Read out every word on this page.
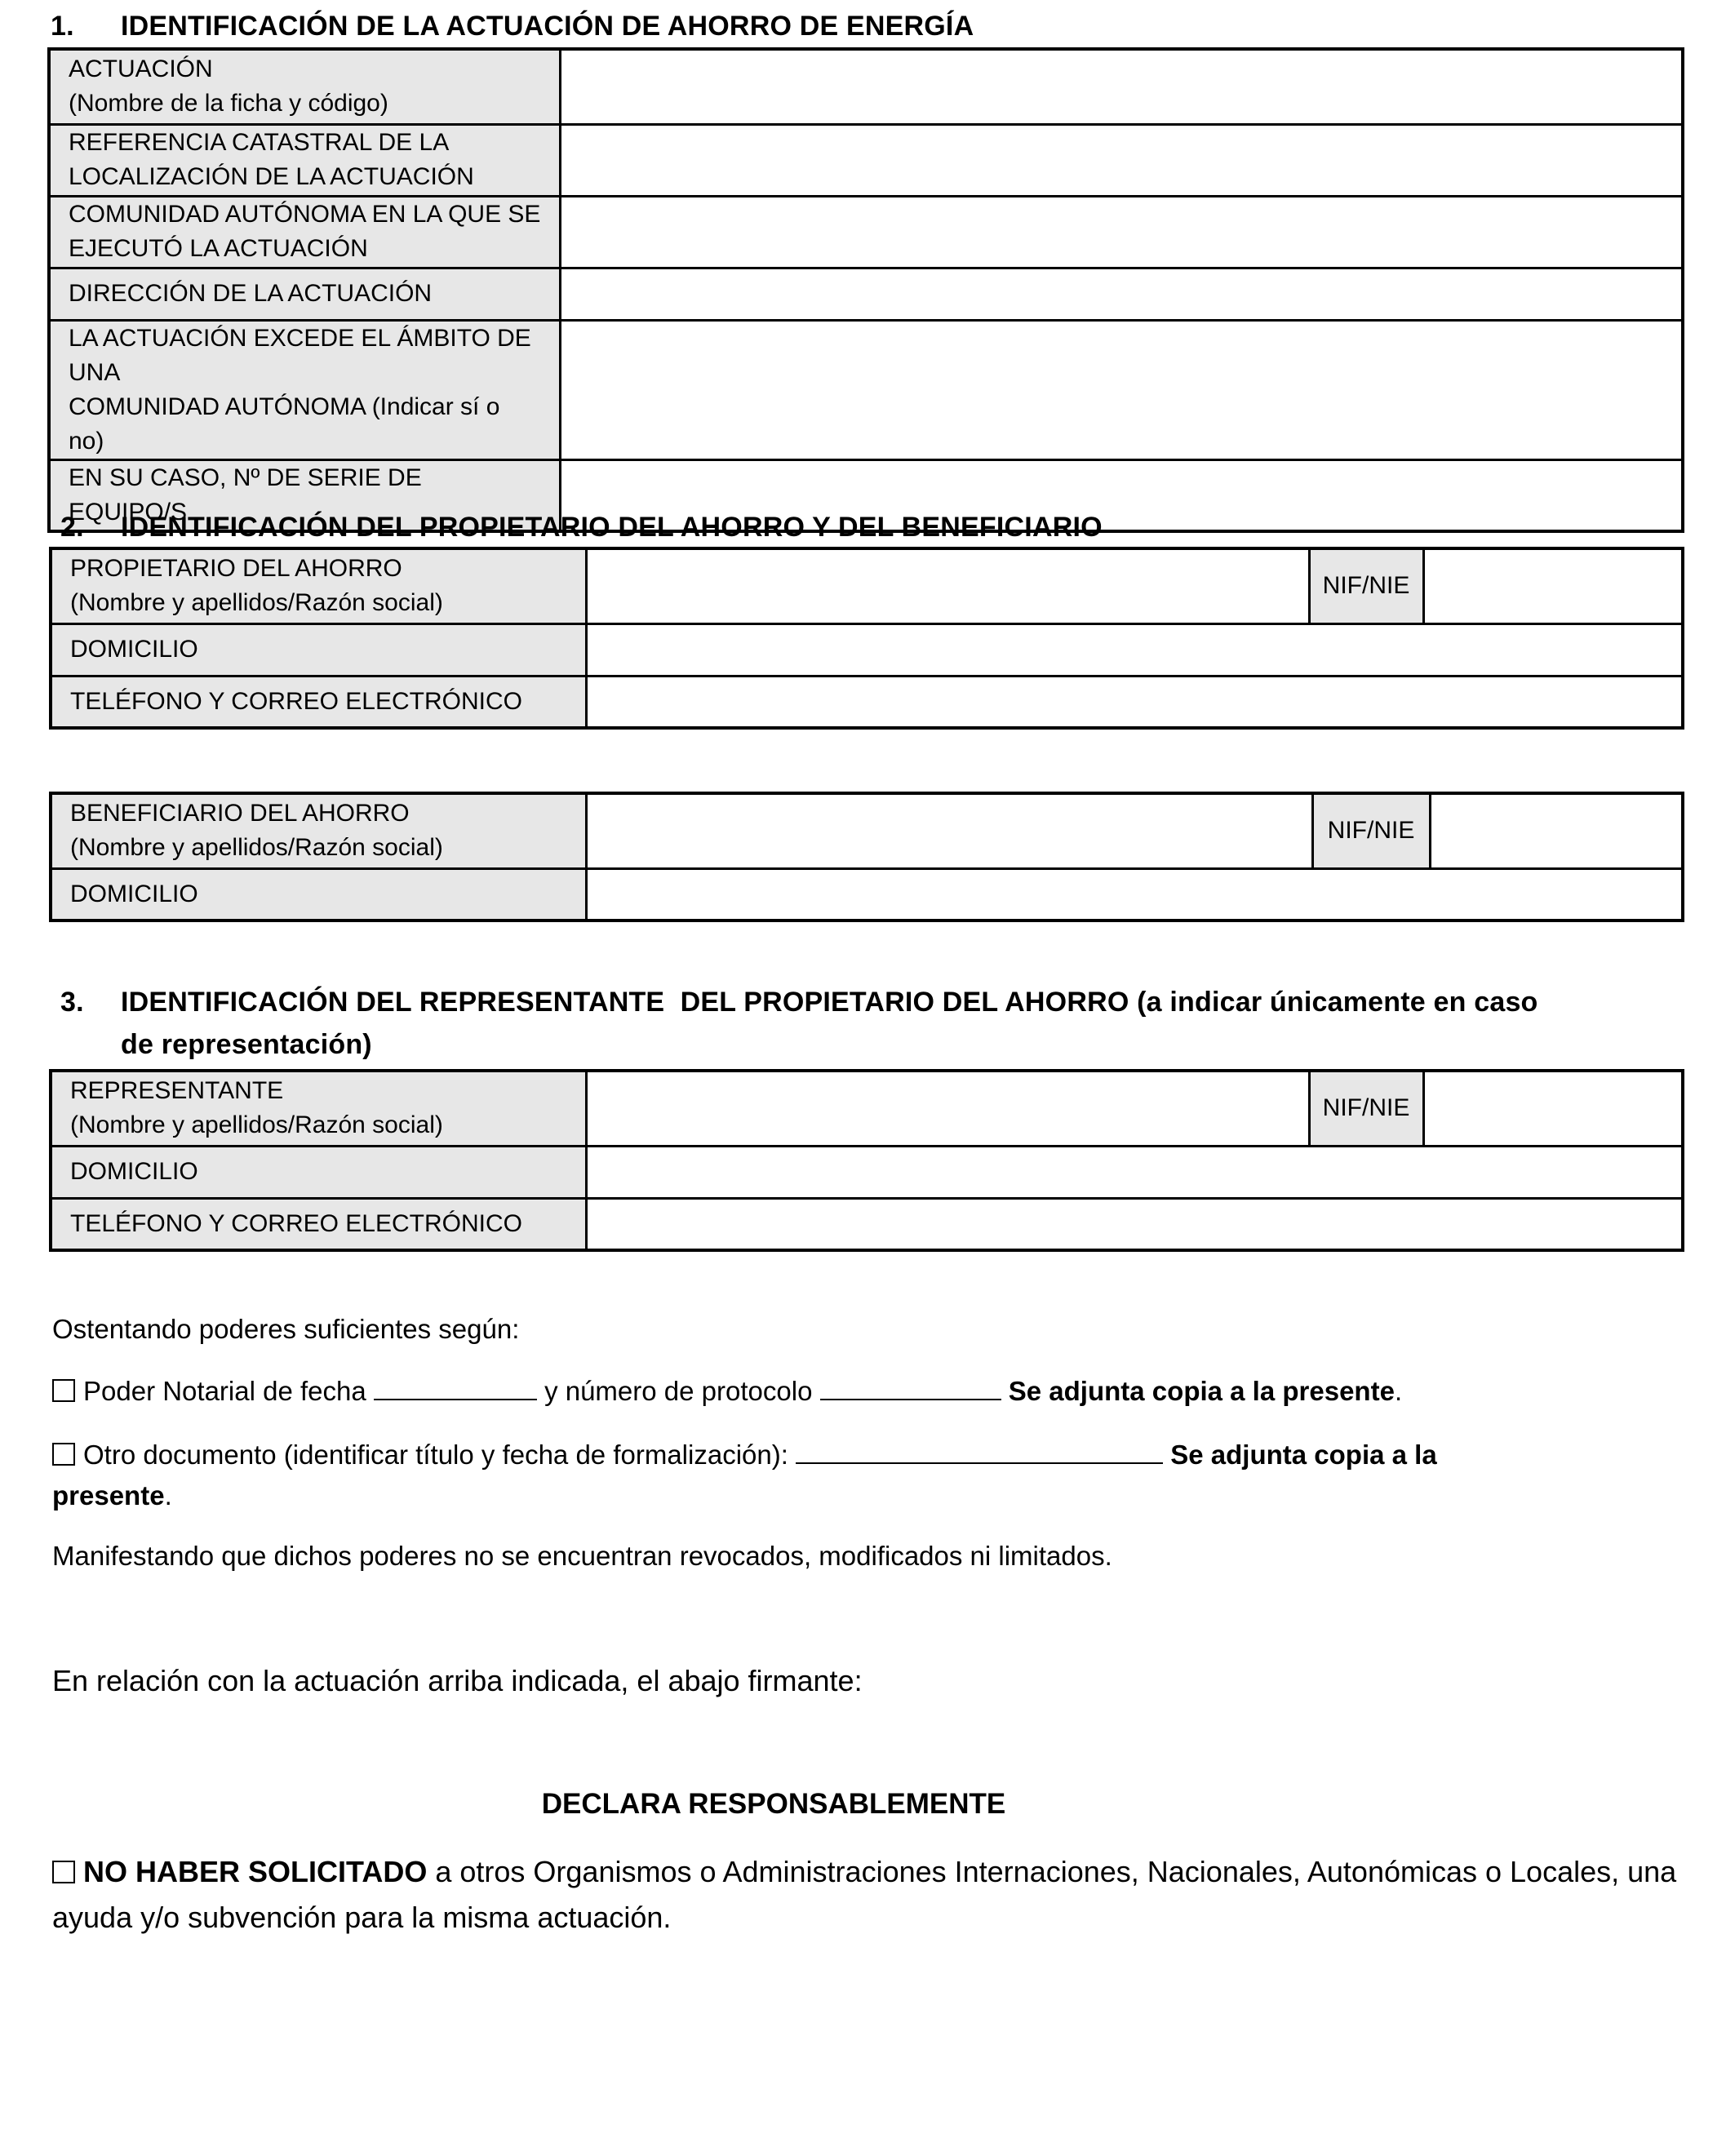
1. IDENTIFICACIÓN DE LA ACTUACIÓN DE AHORRO DE ENERGÍA
ACTUACIÓN
(Nombre de la ficha y código)	

REFERENCIA CATASTRAL DE LA
LOCALIZACIÓN DE LA ACTUACIÓN	

COMUNIDAD AUTÓNOMA EN LA QUE SE
EJECUTÓ LA ACTUACIÓN	

DIRECCIÓN DE LA ACTUACIÓN	

LA ACTUACIÓN EXCEDE EL ÁMBITO DE UNA
COMUNIDAD AUTÓNOMA (Indicar sí o no)	

EN SU CASO, Nº DE SERIE DE EQUIPO/S	
2. IDENTIFICACIÓN DEL PROPIETARIO DEL AHORRO Y DEL BENEFICIARIO
PROPIETARIO DEL AHORRO
(Nombre y apellidos/Razón social)		NIF/NIE	
DOMICILIO			
TELÉFONO Y CORREO ELECTRÓNICO			
BENEFICIARIO DEL AHORRO
(Nombre y apellidos/Razón social)		NIF/NIE	
DOMICILIO			
3. IDENTIFICACIÓN DEL REPRESENTANTE  DEL PROPIETARIO DEL AHORRO (a indicar únicamente en caso
de representación)
REPRESENTANTE
(Nombre y apellidos/Razón social)		NIF/NIE	
DOMICILIO			
TELÉFONO Y CORREO ELECTRÓNICO			
Ostentando poderes suficientes según:
Poder Notarial de fecha	y número de protocolo	Se adjunta copia a la presente.
Otro documento (identificar título y fecha de formalización):	Se adjunta copia a la
presente.
Manifestando que dichos poderes no se encuentran revocados, modificados ni limitados.
En relación con la actuación arriba indicada, el abajo firmante:
DECLARA RESPONSABLEMENTE
NO HABER SOLICITADO a otros Organismos o Administraciones Internaciones, Nacionales, Autonómicas o Locales, una
ayuda y/o subvención para la misma actuación.
